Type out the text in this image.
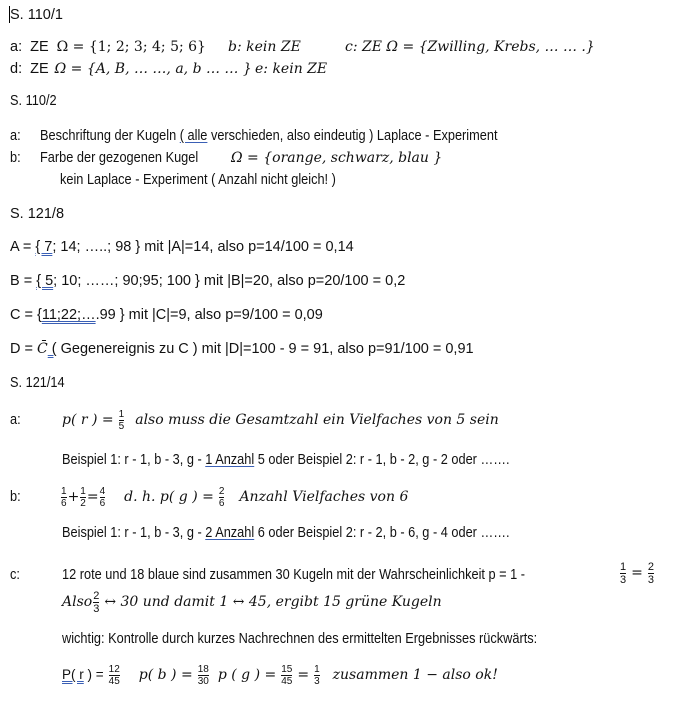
S. 110/1
a: ZE Ω = {1; 2; 3; 4; 5; 6} b: kein ZE	c: ZE Ω = {Zwilling, Krebs, … … .}
d: ZE Ω = {A, B, … …, a, b … … } e: kein ZE
S. 110/2
a: Beschriftung der Kugeln ( alle verschieden, also eindeutig ) Laplace - Experiment
b: Farbe der gezogenen Kugel	Ω = {orange, schwarz, blau }
kein Laplace - Experiment ( Anzahl nicht gleich! )
S. 121/8
A = { 7; 14; …..; 98 } mit |A|=14, also p=14/100 = 0,14
B = { 5; 10; ……; 90;95; 100 } mit |B|=20, also p=20/100 = 0,2
C = {11;22;….99 } mit |C|=9, also p=9/100 = 0,09
D = C̄ ( Gegenereignis zu C ) mit |D|=100 - 9 = 91, also p=91/100 = 0,91
S. 121/14
a:	p( r ) = $\frac{1}{5}$ also muss die Gesamtzahl ein Vielfaches von 5 sein
Beispiel 1: r - 1, b - 3, g - 1 Anzahl 5 oder Beispiel 2: r - 1, b - 2, g - 2 oder …….
b:	$\frac{1}{6} + \frac{1}{2} = \frac{4}{6} d$. h. p( g ) = $\frac{2}{6}$ Anzahl Vielfaches von 6
Beispiel 1: r - 1, b - 3, g - 2 Anzahl 6 oder Beispiel 2: r - 2, b - 6, g - 4 oder …….
c:	12 rote und 18 blaue sind zusammen 30 Kugeln mit der Wahrscheinlichkeit p = 1 -	$\frac{1}{3} = \frac{2}{3}$
Also $\frac{2}{3}$ ↔ 30 und damit 1 ↔ 45, ergibt 15 grüne Kugeln
wichtig: Kontrolle durch kurzes Nachrechnen des ermittelten Ergebnisses rückwärts:
P( r ) = $\frac{12}{45} p$( b ) = $\frac{18}{30}$ p ( g ) = $\frac{15}{45} = \frac{1}{3}$ zusammen 1 − also ok!
